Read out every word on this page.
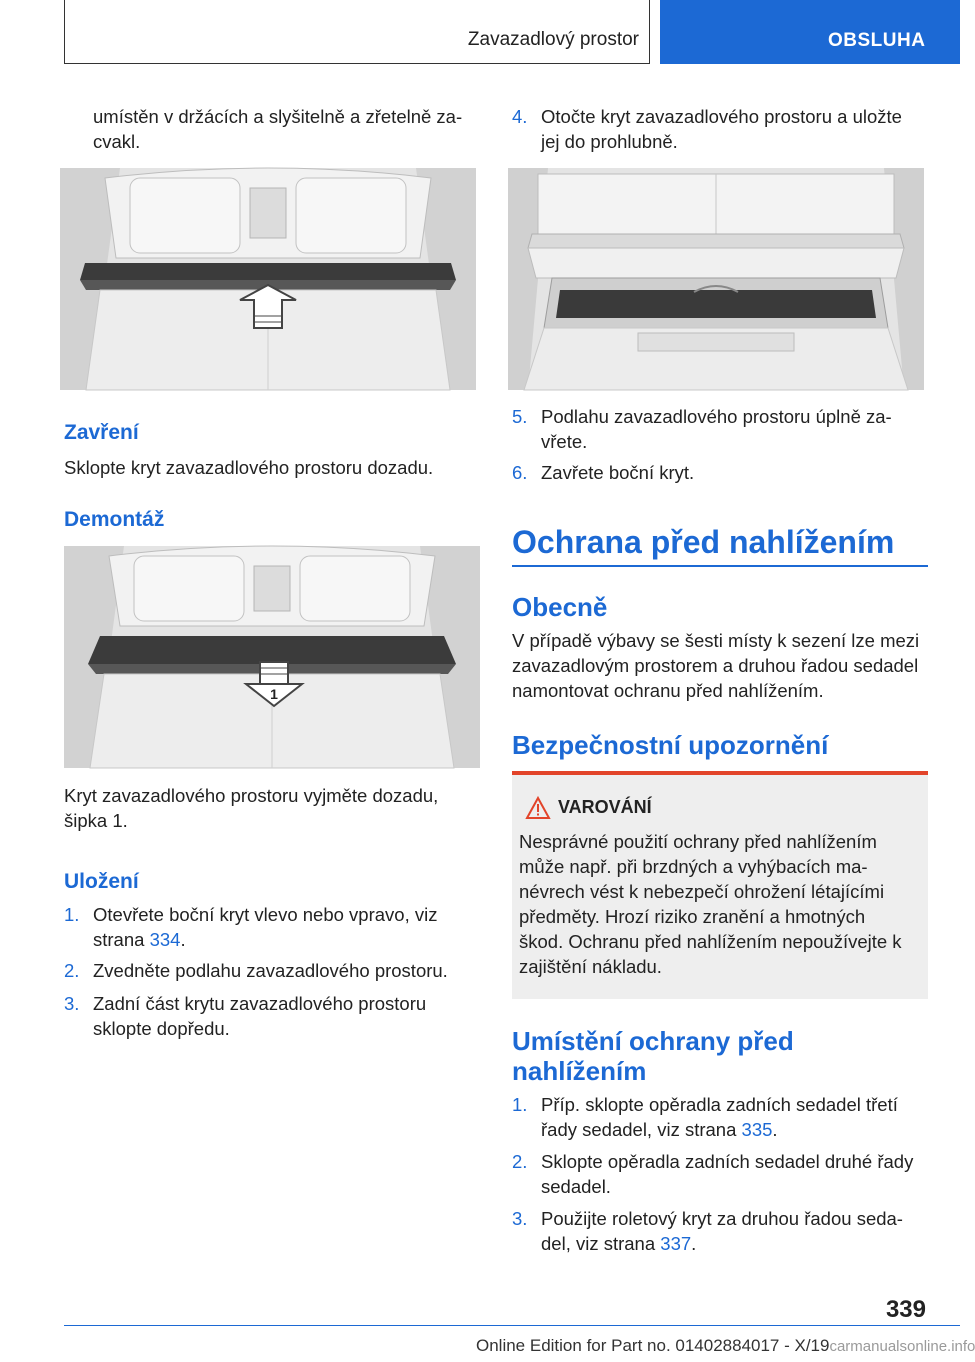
Zavazadlový prostor	OBSLUHA
umístěn v držácích a slyšitelně a zřetelně za‐
cvakl.
Zavření
Sklopte kryt zavazadlového prostoru dozadu.
Demontáž
1
Kryt zavazadlového prostoru vyjměte dozadu,
šipka 1.
Uložení
1. Otevřete boční kryt vlevo nebo vpravo, viz
strana 334.
2. Zvedněte podlahu zavazadlového prostoru.
3. Zadní část krytu zavazadlového prostoru
sklopte dopředu.
4. Otočte kryt zavazadlového prostoru a uložte
jej do prohlubně.
5. Podlahu zavazadlového prostoru úplně za‐
vřete.
6. Zavřete boční kryt.
Ochrana před nahlížením
Obecně
V případě výbavy se šesti místy k sezení lze mezi
zavazadlovým prostorem a druhou řadou sedadel
namontovat ochranu před nahlížením.
Bezpečnostní upozornění
VAROVÁNÍ
Nesprávné použití ochrany před nahlížením
může např. při brzdných a vyhýbacích ma‐
névrech vést k nebezpečí ohrožení létajícími
předměty. Hrozí riziko zranění a hmotných
škod. Ochranu před nahlížením nepoužívejte k
zajištění nákladu.
Umístění ochrany před
nahlížením
1. Příp. sklopte opěradla zadních sedadel třetí
řady sedadel, viz strana 335.
2. Sklopte opěradla zadních sedadel druhé řady
sedadel.
3. Použijte roletový kryt za druhou řadou seda‐
del, viz strana 337.
339
Online Edition for Part no. 01402884017 - X/19carmanualsonline.info
